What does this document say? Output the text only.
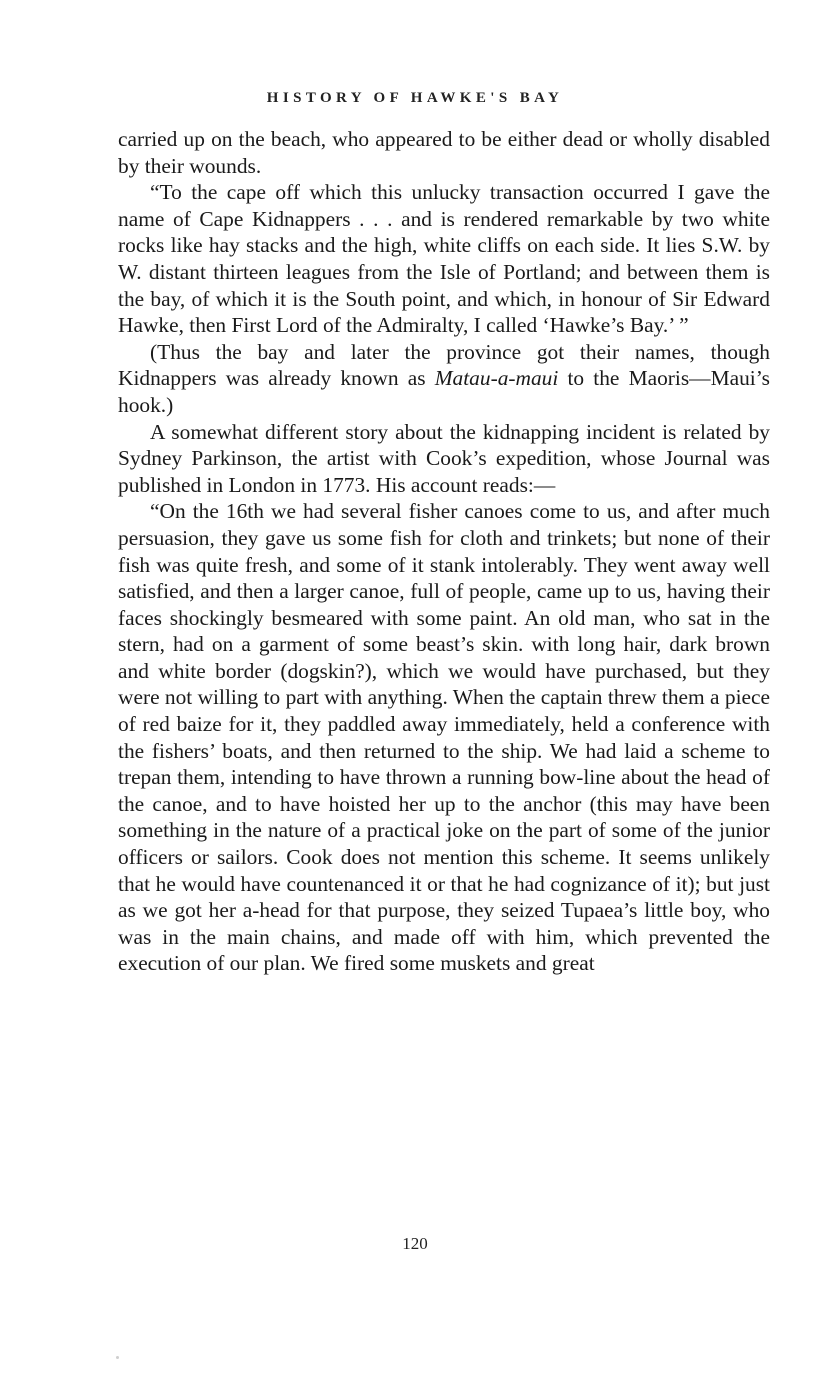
HISTORY OF HAWKE'S BAY

carried up on the beach, who appeared to be either dead or wholly disabled by their wounds.

“To the cape off which this unlucky transaction occurred I gave the name of Cape Kidnappers . . . and is rendered remarkable by two white rocks like hay stacks and the high, white cliffs on each side. It lies S.W. by W. distant thirteen leagues from the Isle of Portland; and between them is the bay, of which it is the South point, and which, in honour of Sir Edward Hawke, then First Lord of the Admiralty, I called ‘Hawke’s Bay.’ ”

(Thus the bay and later the province got their names, though Kidnappers was already known as Matau-a-maui to the Maoris—Maui’s hook.)

A somewhat different story about the kidnapping incident is related by Sydney Parkinson, the artist with Cook’s expedition, whose Journal was published in London in 1773. His account reads:—

“On the 16th we had several fisher canoes come to us, and after much persuasion, they gave us some fish for cloth and trinkets; but none of their fish was quite fresh, and some of it stank intolerably. They went away well satisfied, and then a larger canoe, full of people, came up to us, having their faces shockingly besmeared with some paint. An old man, who sat in the stern, had on a garment of some beast’s skin. with long hair, dark brown and white border (dogskin?), which we would have purchased, but they were not willing to part with anything. When the captain threw them a piece of red baize for it, they paddled away immediately, held a conference with the fishers’ boats, and then returned to the ship. We had laid a scheme to trepan them, intending to have thrown a running bow-line about the head of the canoe, and to have hoisted her up to the anchor (this may have been something in the nature of a practical joke on the part of some of the junior officers or sailors. Cook does not mention this scheme. It seems unlikely that he would have countenanced it or that he had cognizance of it); but just as we got her a-head for that purpose, they seized Tupaea’s little boy, who was in the main chains, and made off with him, which prevented the execution of our plan. We fired some muskets and great

120
